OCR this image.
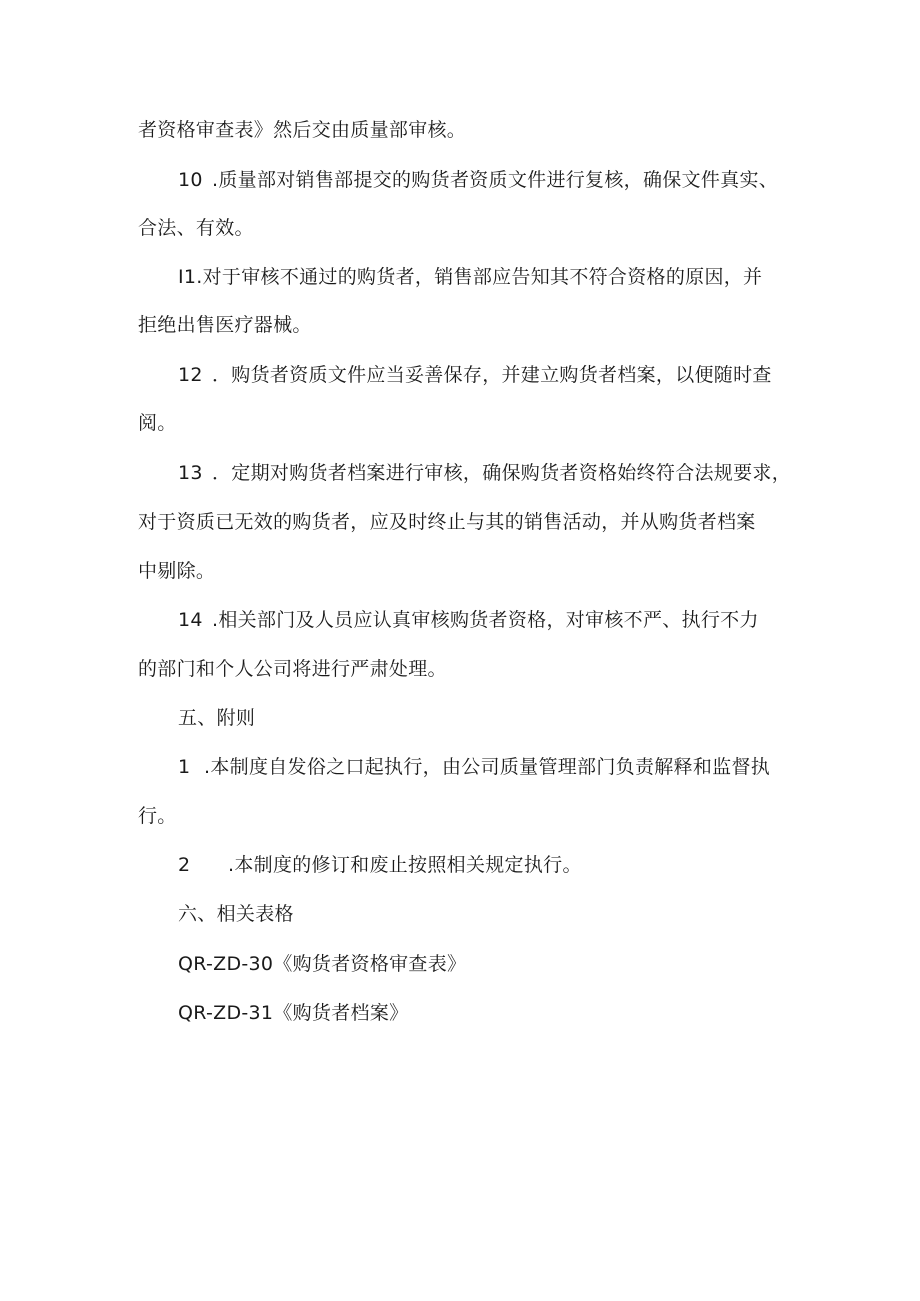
者资格审查表》然后交由质量部审核。

10 .质量部对销售部提交的购货者资质文件进行复核，确保文件真实、

合法、有效。

I1.对于审核不通过的购货者，销售部应告知其不符合资格的原因，并

拒绝出售医疗器械。

12 ．购货者资质文件应当妥善保存，并建立购货者档案，以便随时查

阅。

13 ．定期对购货者档案进行审核，确保购货者资格始终符合法规要求，

对于资质已无效的购货者，应及时终止与其的销售活动，并从购货者档案

中剔除。

14 .相关部门及人员应认真审核购货者资格，对审核不严、执行不力

的部门和个人公司将进行严肃处理。

五、附则

1 .本制度自发俗之口起执行，由公司质量管理部门负责解释和监督执

行。

2 .本制度的修订和废止按照相关规定执行。

六、相关表格

QR-ZD-30《购货者资格审查表》

QR-ZD-31《购货者档案》
